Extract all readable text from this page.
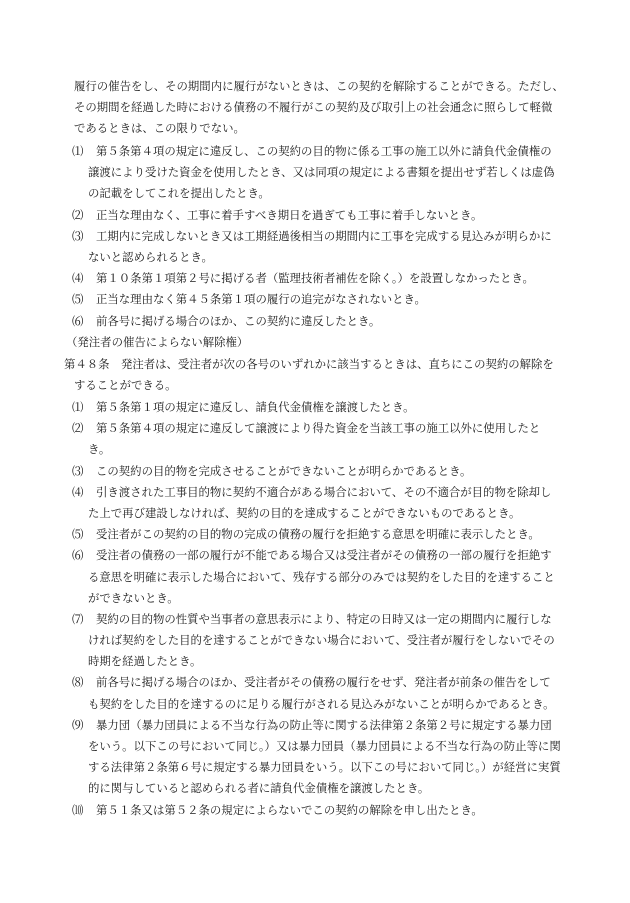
履行の催告をし、その期間内に履行がないときは、この契約を解除することができる。ただし、
その期間を経過した時における債務の不履行がこの契約及び取引上の社会通念に照らして軽微
であるときは、この限りでない。
⑴	第５条第４項の規定に違反し、この契約の目的物に係る工事の施工以外に請負代金債権の
譲渡により受けた資金を使用したとき、又は同項の規定による書類を提出せず若しくは虚偽
の記載をしてこれを提出したとき。
⑵	正当な理由なく、工事に着手すべき期日を過ぎても工事に着手しないとき。
⑶	工期内に完成しないとき又は工期経過後相当の期間内に工事を完成する見込みが明らかに
ないと認められるとき。
⑷	第１０条第１項第２号に掲げる者（監理技術者補佐を除く。）を設置しなかったとき。
⑸	正当な理由なく第４５条第１項の履行の追完がなされないとき。
⑹	前各号に掲げる場合のほか、この契約に違反したとき。
（発注者の催告によらない解除権）
第４８条　発注者は、受注者が次の各号のいずれかに該当するときは、直ちにこの契約の解除を
することができる。
⑴	第５条第１項の規定に違反し、請負代金債権を譲渡したとき。
⑵	第５条第４項の規定に違反して譲渡により得た資金を当該工事の施工以外に使用したと
き。
⑶	この契約の目的物を完成させることができないことが明らかであるとき。
⑷	引き渡された工事目的物に契約不適合がある場合において、その不適合が目的物を除却し
た上で再び建設しなければ、契約の目的を達成することができないものであるとき。
⑸	受注者がこの契約の目的物の完成の債務の履行を拒絶する意思を明確に表示したとき。
⑹	受注者の債務の一部の履行が不能である場合又は受注者がその債務の一部の履行を拒絶す
る意思を明確に表示した場合において、残存する部分のみでは契約をした目的を達すること
ができないとき。
⑺	契約の目的物の性質や当事者の意思表示により、特定の日時又は一定の期間内に履行しな
ければ契約をした目的を達することができない場合において、受注者が履行をしないでその
時期を経過したとき。
⑻	前各号に掲げる場合のほか、受注者がその債務の履行をせず、発注者が前条の催告をして
も契約をした目的を達するのに足りる履行がされる見込みがないことが明らかであるとき。
⑼	暴力団（暴力団員による不当な行為の防止等に関する法律第２条第２号に規定する暴力団
をいう。以下この号において同じ。）又は暴力団員（暴力団員による不当な行為の防止等に関
する法律第２条第６号に規定する暴力団員をいう。以下この号において同じ。）が経営に実質
的に関与していると認められる者に請負代金債権を譲渡したとき。
⑽	第５１条又は第５２条の規定によらないでこの契約の解除を申し出たとき。
